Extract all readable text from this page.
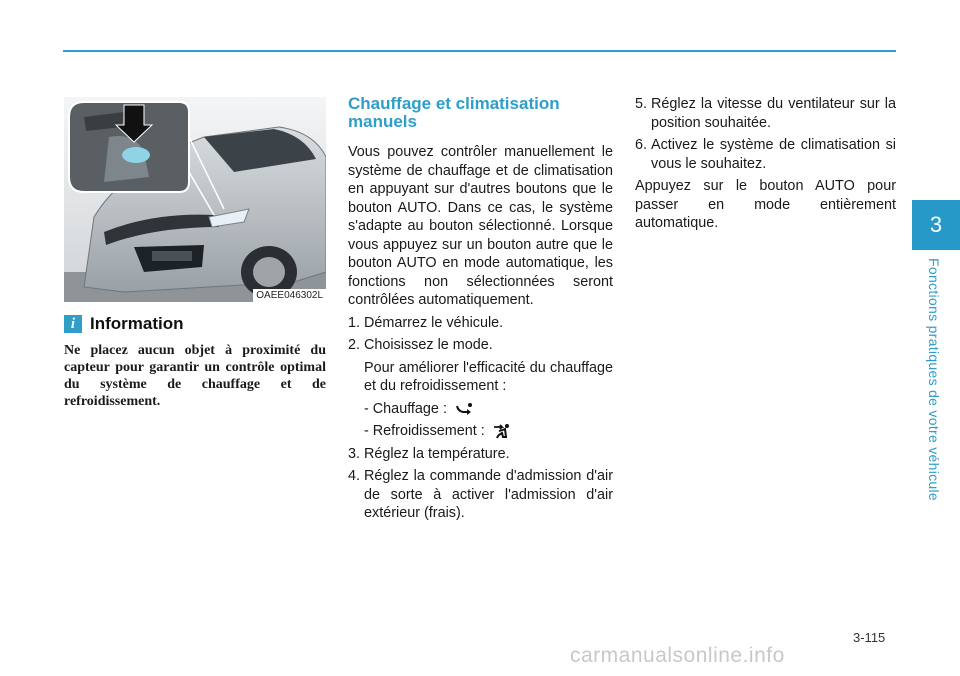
3
Fonctions pratiques de votre véhicule
OAEE046302L
i Information
Ne placez aucun objet à proximité du capteur pour garantir un contrôle optimal du système de chauffage et de refroidissement.
Chauffage et climatisation manuels

Vous pouvez contrôler manuellement le système de chauffage et de climatisation en appuyant sur d'autres boutons que le bouton AUTO. Dans ce cas, le système s'adapte au bouton sélectionné. Lorsque vous appuyez sur un bouton autre que le bouton AUTO en mode automatique, les fonctions non sélectionnées seront contrôlées automatiquement.

1. Démarrez le véhicule.
2. Choisissez le mode.

Pour améliorer l'efficacité du chauffage et du refroidissement :

- Chauffage :
- Refroidissement :
3. Réglez la température.
4. Réglez la commande d'admission d'air de sorte à activer l'admission d'air extérieur (frais).
5. Réglez la vitesse du ventilateur sur la position souhaitée.
6. Activez le système de climatisation si vous le souhaitez.

Appuyez sur le bouton AUTO pour passer en mode entièrement automatique.

3-115
carmanualsonline.info
